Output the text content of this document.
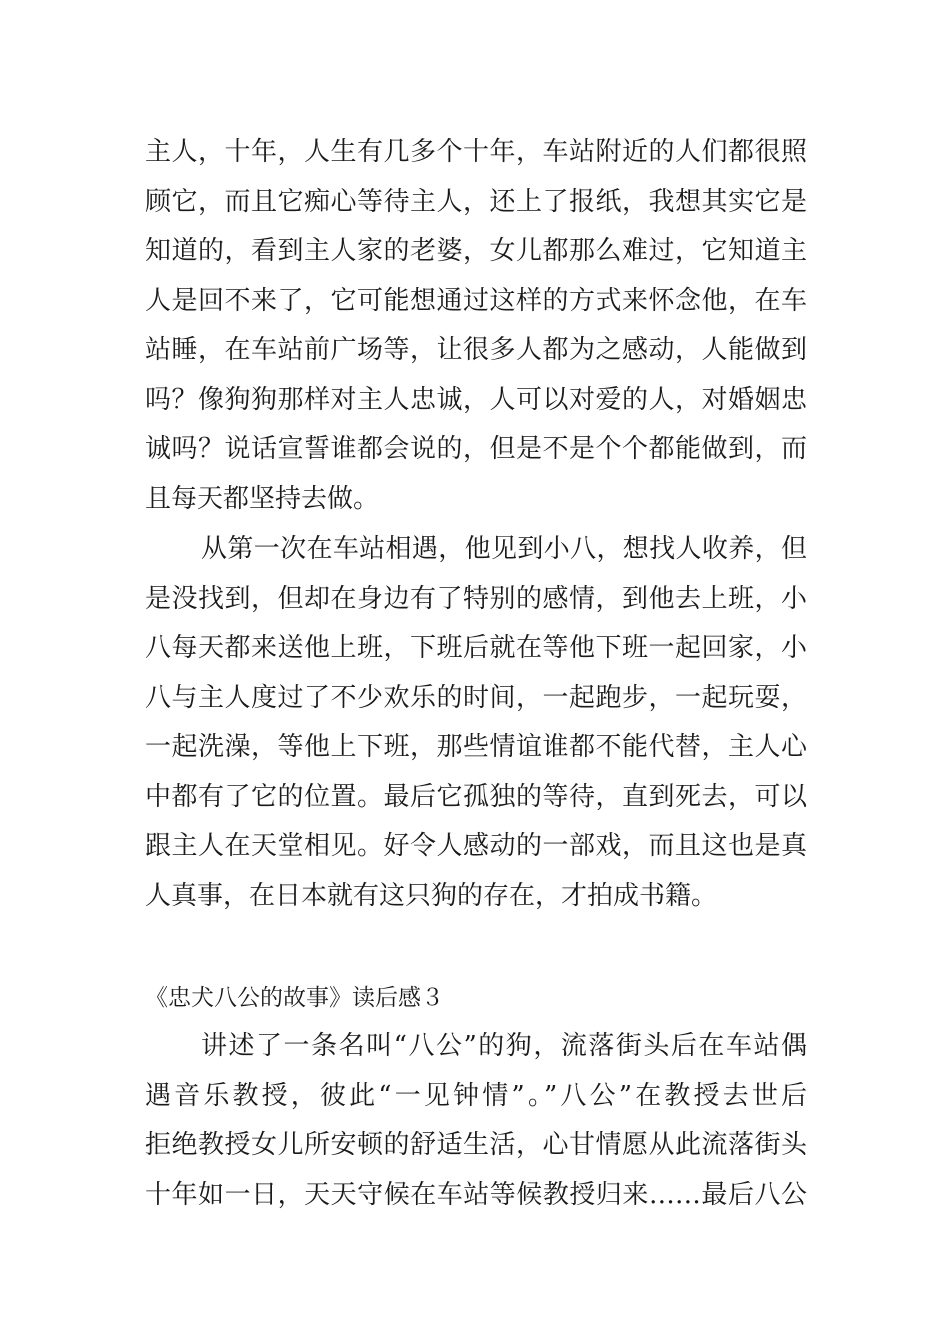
主人，十年，人生有几多个十年，车站附近的人们都很照
顾它，而且它痴心等待主人，还上了报纸，我想其实它是
知道的，看到主人家的老婆，女儿都那么难过，它知道主
人是回不来了，它可能想通过这样的方式来怀念他，在车
站睡，在车站前广场等，让很多人都为之感动，人能做到
吗？像狗狗那样对主人忠诚，人可以对爱的人，对婚姻忠
诚吗？说话宣誓谁都会说的，但是不是个个都能做到，而
且每天都坚持去做。
从第一次在车站相遇，他见到小八，想找人收养，但
是没找到，但却在身边有了特别的感情，到他去上班，小
八每天都来送他上班，下班后就在等他下班一起回家，小
八与主人度过了不少欢乐的时间，一起跑步，一起玩耍，
一起洗澡，等他上下班，那些情谊谁都不能代替，主人心
中都有了它的位置。最后它孤独的等待，直到死去，可以
跟主人在天堂相见。好令人感动的一部戏，而且这也是真
人真事，在日本就有这只狗的存在，才拍成书籍。
《忠犬八公的故事》读后感３
讲述了一条名叫“八公”的狗，流落街头后在车站偶
遇音乐教授，彼此“一见钟情”。”八公”在教授去世后
拒绝教授女儿所安顿的舒适生活，心甘情愿从此流落街头
十年如一日，天天守候在车站等候教授归来……最后八公
